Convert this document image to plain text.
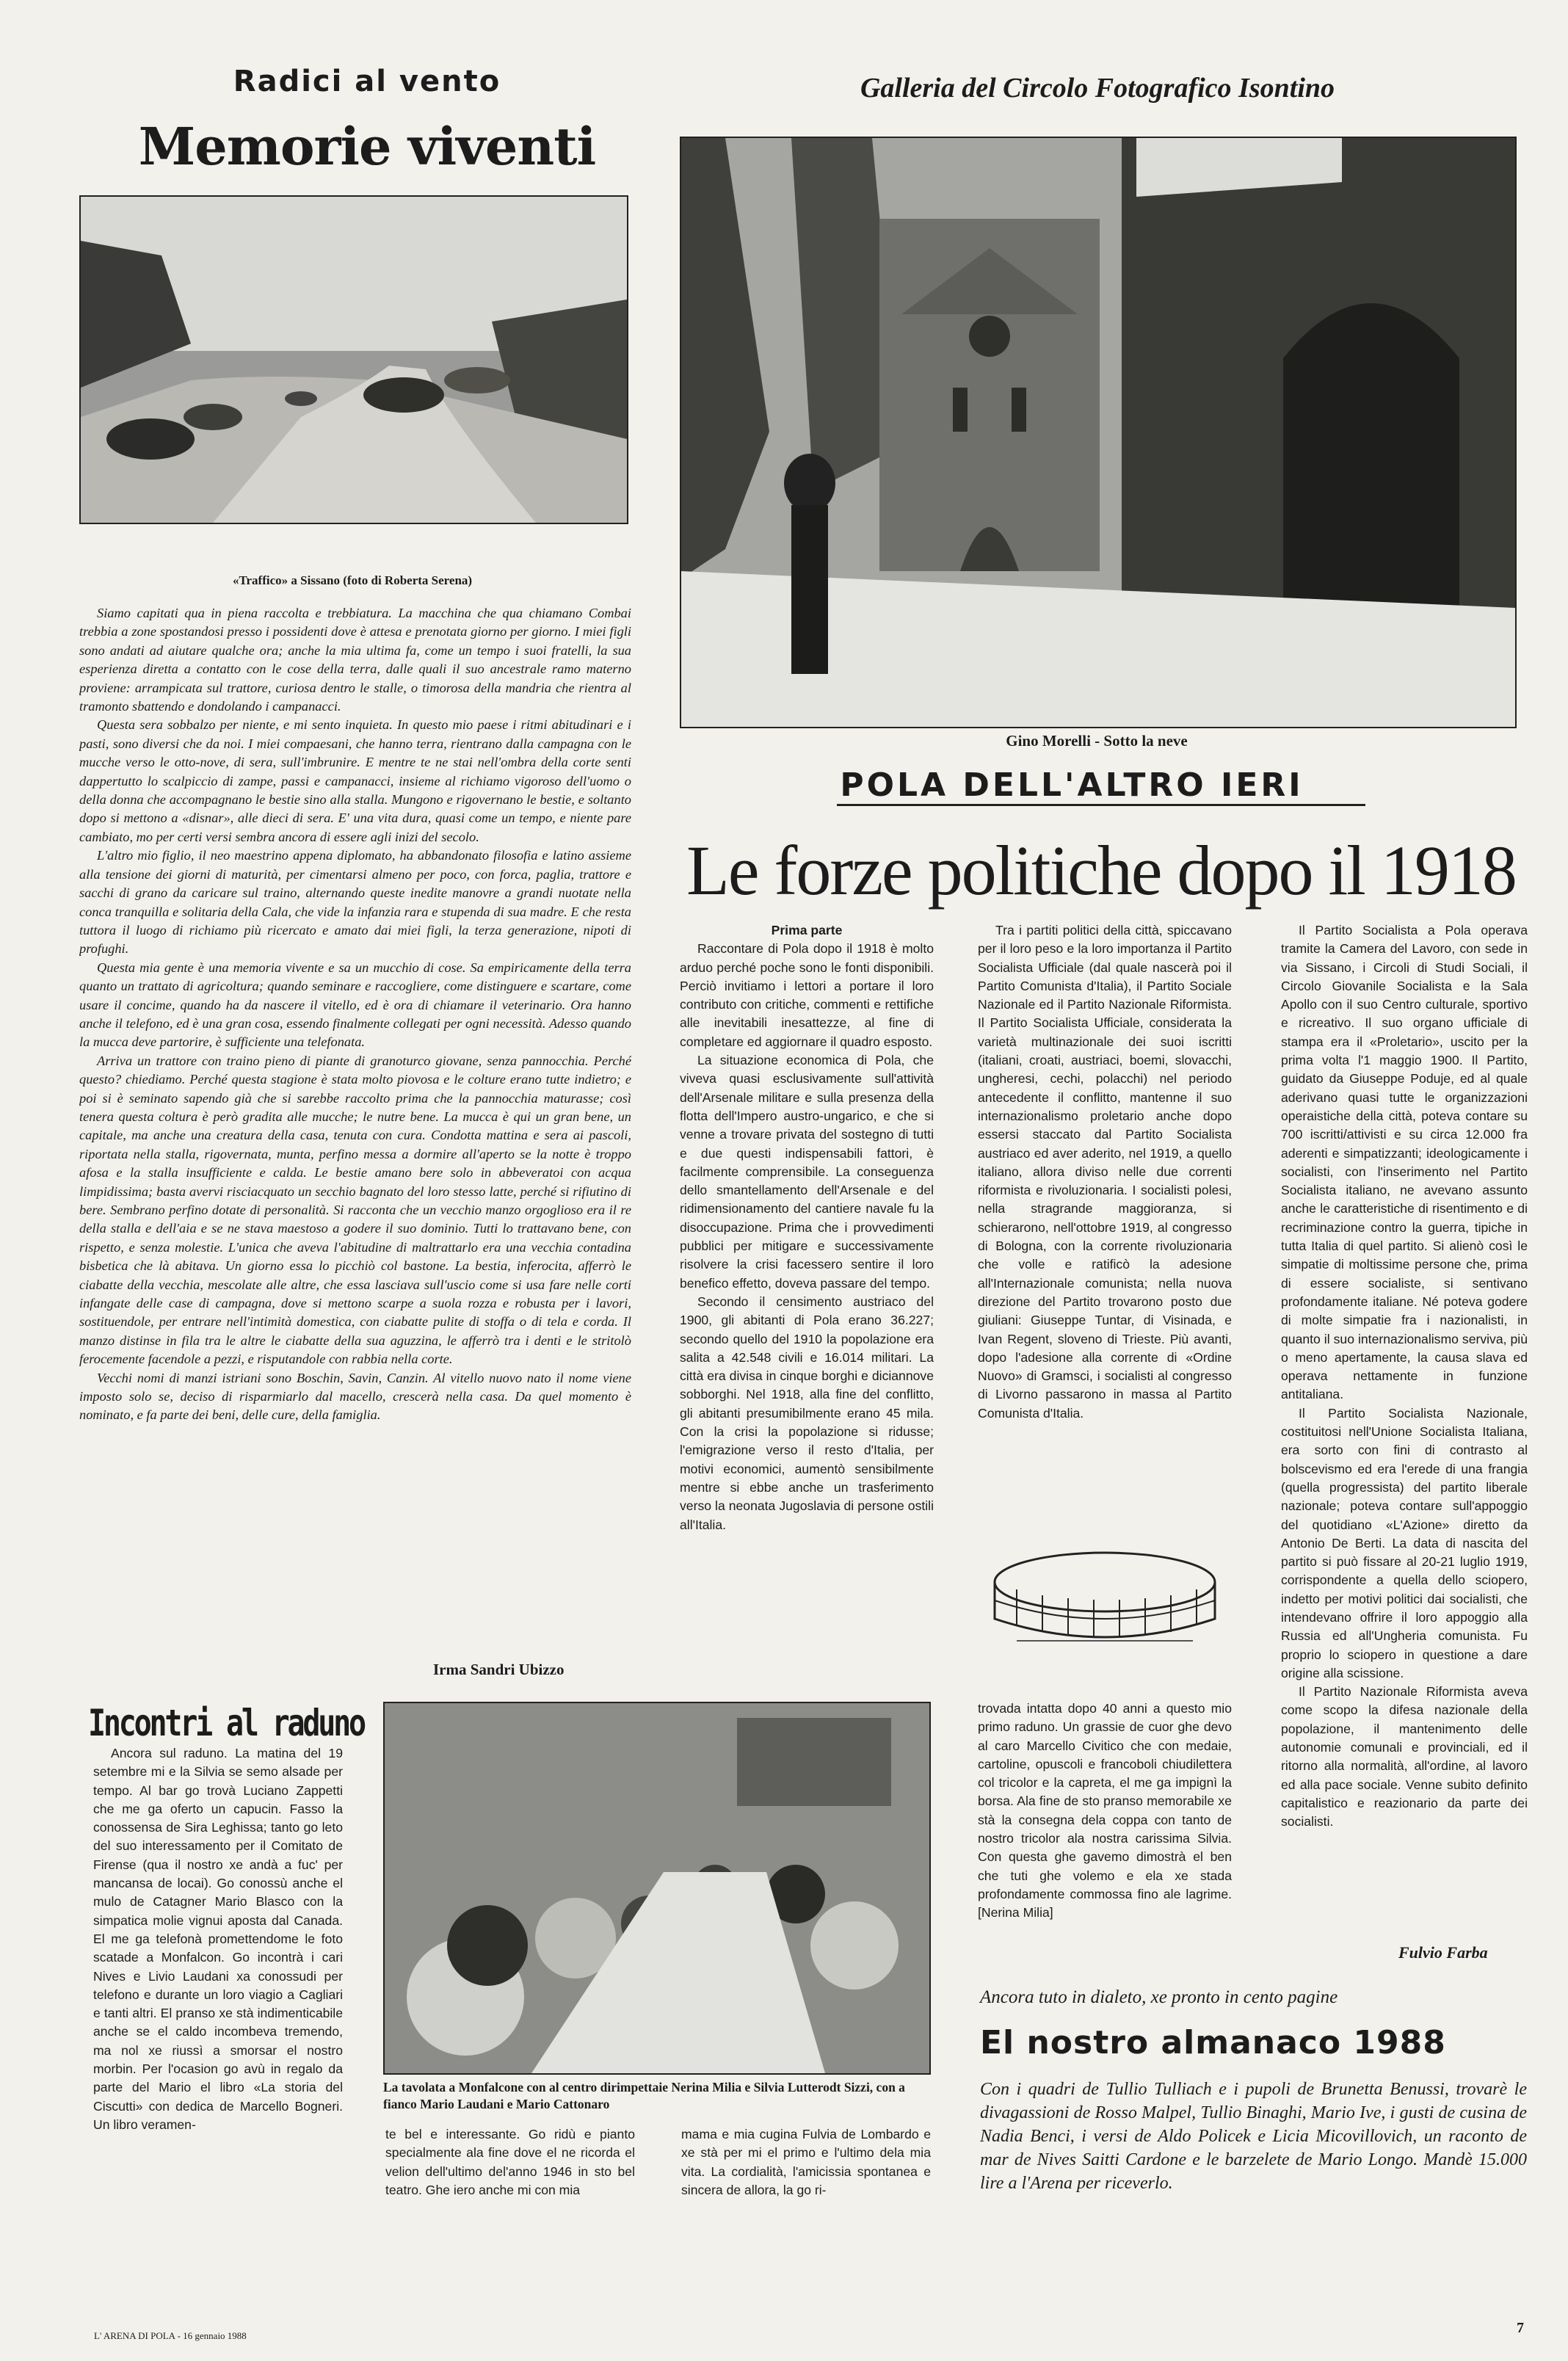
Radici al vento
Memorie viventi
«Traffico» a Sissano (foto di Roberta Serena)

Siamo capitati qua in piena raccolta e trebbiatura. La macchina che qua chiamano Combai trebbia a zone spostandosi presso i possidenti dove è attesa e prenotata giorno per giorno. I miei figli sono andati ad aiutare qualche ora; anche la mia ultima fa, come un tempo i suoi fratelli, la sua esperienza diretta a contatto con le cose della terra, dalle quali il suo ancestrale ramo materno proviene: arrampicata sul trattore, curiosa dentro le stalle, o timorosa della mandria che rientra al tramonto sbattendo e dondolando i campanacci.

Questa sera sobbalzo per niente, e mi sento inquieta. In questo mio paese i ritmi abitudinari e i pasti, sono diversi che da noi. I miei compaesani, che hanno terra, rientrano dalla campagna con le mucche verso le otto-nove, di sera, sull'imbrunire. E mentre te ne stai nell'ombra della corte senti dappertutto lo scalpiccio di zampe, passi e campanacci, insieme al richiamo vigoroso dell'uomo o della donna che accompagnano le bestie sino alla stalla. Mungono e rigovernano le bestie, e soltanto dopo si mettono a «disnar», alle dieci di sera. E' una vita dura, quasi come un tempo, e niente pare cambiato, mo per certi versi sembra ancora di essere agli inizi del secolo.

L'altro mio figlio, il neo maestrino appena diplomato, ha abbandonato filosofia e latino assieme alla tensione dei giorni di maturità, per cimentarsi almeno per poco, con forca, paglia, trattore e sacchi di grano da caricare sul traino, alternando queste inedite manovre a grandi nuotate nella conca tranquilla e solitaria della Cala, che vide la infanzia rara e stupenda di sua madre. E che resta tuttora il luogo di richiamo più ricercato e amato dai miei figli, la terza generazione, nipoti di profughi.

Questa mia gente è una memoria vivente e sa un mucchio di cose. Sa empiricamente della terra quanto un trattato di agricoltura; quando seminare e raccogliere, come distinguere e scartare, come usare il concime, quando ha da nascere il vitello, ed è ora di chiamare il veterinario. Ora hanno anche il telefono, ed è una gran cosa, essendo finalmente collegati per ogni necessità. Adesso quando la mucca deve partorire, è sufficiente una telefonata.

Arriva un trattore con traino pieno di piante di granoturco giovane, senza pannocchia. Perché questo? chiediamo. Perché questa stagione è stata molto piovosa e le colture erano tutte indietro; e poi si è seminato sapendo già che si sarebbe raccolto prima che la pannocchia maturasse; così tenera questa coltura è però gradita alle mucche; le nutre bene. La mucca è qui un gran bene, un capitale, ma anche una creatura della casa, tenuta con cura. Condotta mattina e sera ai pascoli, riportata nella stalla, rigovernata, munta, perfino messa a dormire all'aperto se la notte è troppo afosa e la stalla insufficiente e calda. Le bestie amano bere solo in abbeveratoi con acqua limpidissima; basta avervi risciacquato un secchio bagnato del loro stesso latte, perché si rifiutino di bere. Sembrano perfino dotate di personalità. Si racconta che un vecchio manzo orgoglioso era il re della stalla e dell'aia e se ne stava maestoso a godere il suo dominio. Tutti lo trattavano bene, con rispetto, e senza molestie. L'unica che aveva l'abitudine di maltrattarlo era una vecchia contadina bisbetica che là abitava. Un giorno essa lo picchiò col bastone. La bestia, inferocita, afferrò le ciabatte della vecchia, mescolate alle altre, che essa lasciava sull'uscio come si usa fare nelle corti infangate delle case di campagna, dove si mettono scarpe a suola rozza e robusta per i lavori, sostituendole, per entrare nell'intimità domestica, con ciabatte pulite di stoffa o di tela e corda. Il manzo distinse in fila tra le altre le ciabatte della sua aguzzina, le afferrò tra i denti e le stritolò ferocemente facendole a pezzi, e risputandole con rabbia nella corte.

Vecchi nomi di manzi istriani sono Boschin, Savin, Canzin. Al vitello nuovo nato il nome viene imposto solo se, deciso di risparmiarlo dal macello, crescerà nella casa. Da quel momento è nominato, e fa parte dei beni, delle cure, della famiglia.

Irma Sandri Ubizzo
Galleria del Circolo Fotografico Isontino
Gino Morelli - Sotto la neve
POLA DELL'ALTRO IERI
Le forze politiche dopo il 1918

Prima parte

Raccontare di Pola dopo il 1918 è molto arduo perché poche sono le fonti disponibili. Perciò invitiamo i lettori a portare il loro contributo con critiche, commenti e rettifiche alle inevitabili inesattezze, al fine di completare ed aggiornare il quadro esposto.

La situazione economica di Pola, che viveva quasi esclusivamente sull'attività dell'Arsenale militare e sulla presenza della flotta dell'Impero austro-ungarico, e che si venne a trovare privata del sostegno di tutti e due questi indispensabili fattori, è facilmente comprensibile. La conseguenza dello smantellamento dell'Arsenale e del ridimensionamento del cantiere navale fu la disoccupazione. Prima che i provvedimenti pubblici per mitigare e successivamente risolvere la crisi facessero sentire il loro benefico effetto, doveva passare del tempo.

Secondo il censimento austriaco del 1900, gli abitanti di Pola erano 36.227; secondo quello del 1910 la popolazione era salita a 42.548 civili e 16.014 militari. La città era divisa in cinque borghi e diciannove sobborghi. Nel 1918, alla fine del conflitto, gli abitanti presumibilmente erano 45 mila. Con la crisi la popolazione si ridusse; l'emigrazione verso il resto d'Italia, per motivi economici, aumentò sensibilmente mentre si ebbe anche un trasferimento verso la neonata Jugoslavia di persone ostili all'Italia.

Tra i partiti politici della città, spiccavano per il loro peso e la loro importanza il Partito Socialista Ufficiale (dal quale nascerà poi il Partito Comunista d'Italia), il Partito Sociale Nazionale ed il Partito Nazionale Riformista. Il Partito Socialista Ufficiale, considerata la varietà multinazionale dei suoi iscritti (italiani, croati, austriaci, boemi, slovacchi, ungheresi, cechi, polacchi) nel periodo antecedente il conflitto, mantenne il suo internazionalismo proletario anche dopo essersi staccato dal Partito Socialista austriaco ed aver aderito, nel 1919, a quello italiano, allora diviso nelle due correnti riformista e rivoluzionaria. I socialisti polesi, nella stragrande maggioranza, si schierarono, nell'ottobre 1919, al congresso di Bologna, con la corrente rivoluzionaria che volle e ratificò la adesione all'Internazionale comunista; nella nuova direzione del Partito trovarono posto due giuliani: Giuseppe Tuntar, di Visinada, e Ivan Regent, sloveno di Trieste. Più avanti, dopo l'adesione alla corrente di «Ordine Nuovo» di Gramsci, i socialisti al congresso di Livorno passarono in massa al Partito Comunista d'Italia.

Il Partito Socialista a Pola operava tramite la Camera del Lavoro, con sede in via Sissano, i Circoli di Studi Sociali, il Circolo Giovanile Socialista e la Sala Apollo con il suo Centro culturale, sportivo e ricreativo. Il suo organo ufficiale di stampa era il «Proletario», uscito per la prima volta l'1 maggio 1900. Il Partito, guidato da Giuseppe Poduje, ed al quale aderivano quasi tutte le organizzazioni operaistiche della città, poteva contare su 700 iscritti/attivisti e su circa 12.000 fra aderenti e simpatizzanti; ideologicamente i socialisti, con l'inserimento nel Partito Socialista italiano, ne avevano assunto anche le caratteristiche di risentimento e di recriminazione contro la guerra, tipiche in tutta Italia di quel partito. Si alienò così le simpatie di moltissime persone che, prima di essere socialiste, si sentivano profondamente italiane. Né poteva godere di molte simpatie fra i nazionalisti, in quanto il suo internazionalismo serviva, più o meno apertamente, la causa slava ed operava nettamente in funzione antitaliana.

Il Partito Socialista Nazionale, costituitosi nell'Unione Socialista Italiana, era sorto con fini di contrasto al bolscevismo ed era l'erede di una frangia (quella progressista) del partito liberale nazionale; poteva contare sull'appoggio del quotidiano «L'Azione» diretto da Antonio De Berti. La data di nascita del partito si può fissare al 20-21 luglio 1919, corrispondente a quella dello sciopero, indetto per motivi politici dai socialisti, che intendevano offrire il loro appoggio alla Russia ed all'Ungheria comunista. Fu proprio lo sciopero in questione a dare origine alla scissione.

Il Partito Nazionale Riformista aveva come scopo la difesa nazionale della popolazione, il mantenimento delle autonomie comunali e provinciali, ed il ritorno alla normalità, all'ordine, al lavoro ed alla pace sociale. Venne subito definito capitalistico e reazionario da parte dei socialisti.

Fulvio Farba
Incontri al raduno

Ancora sul raduno. La matina del 19 setembre mi e la Silvia se semo alsade per tempo. Al bar go trovà Luciano Zappetti che me ga oferto un capucin. Fasso la conossensa de Sira Leghissa; tanto go leto del suo interessamento per il Comitato de Firense (qua il nostro xe andà a fuc' per mancansa de locai). Go conossù anche el mulo de Catagner Mario Blasco con la simpatica molie vignui aposta dal Canada. El me ga telefonà promettendome le foto scatade a Monfalcon. Go incontrà i cari Nives e Livio Laudani xa conossudi per telefono e durante un loro viagio a Cagliari e tanti altri. El pranso xe stà indimenticabile anche se el caldo incombeva tremendo, ma nol xe riussì a smorsar el nostro morbin. Per l'ocasion go avù in regalo da parte del Mario el libro «La storia del Ciscutti» con dedica de Marcello Bogneri. Un libro veramen-

La tavolata a Monfalcone con al centro dirimpettaie Nerina Milia e Silvia Lutterodt Sizzi, con a fianco Mario Laudani e Mario Cattonaro

te bel e interessante. Go ridù e pianto specialmente ala fine dove el ne ricorda el velion dell'ultimo del'anno 1946 in sto bel teatro. Ghe iero anche mi con mia

mama e mia cugina Fulvia de Lombardo e xe stà per mi el primo e l'ultimo dela mia vita. La cordialità, l'amicissia spontanea e sincera de allora, la go ri-

trovada intatta dopo 40 anni a questo mio primo raduno. Un grassie de cuor ghe devo al caro Marcello Civitico che con medaie, cartoline, opuscoli e francoboli chiudilettera col tricolor e la capreta, el me ga impignì la borsa. Ala fine de sto pranso memorabile xe stà la consegna dela coppa con tanto de nostro tricolor ala nostra carissima Silvia. Con questa ghe gavemo dimostrà el ben che tuti ghe volemo e ela xe stada profondamente commossa fino ale lagrime. [Nerina Milia]

Ancora tuto in dialeto, xe pronto in cento pagine
El nostro almanaco 1988
Con i quadri de Tullio Tulliach e i pupoli de Brunetta Benussi, trovarè le divagassioni de Rosso Malpel, Tullio Binaghi, Mario Ive, i gusti de cusina de Nadia Benci, i versi de Aldo Policek e Licia Micovillovich, un raconto de mar de Nives Saitti Cardone e le barzelete de Mario Longo. Mandè 15.000 lire a l'Arena per riceverlo.
L' ARENA DI POLA - 16 gennaio 1988	7
